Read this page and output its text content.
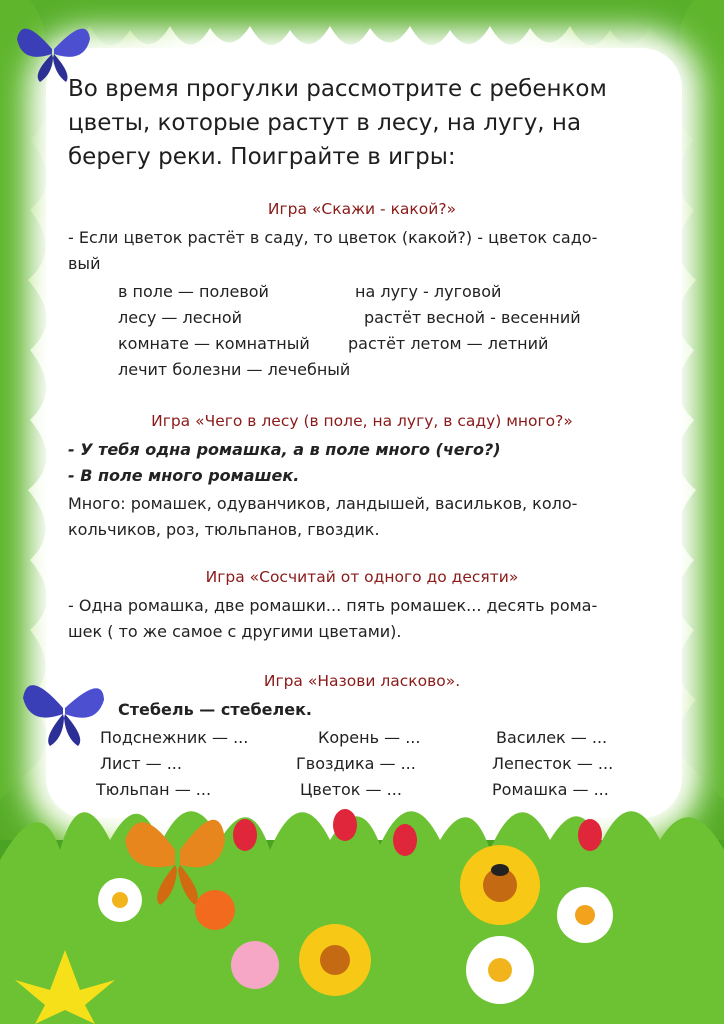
Во время прогулки рассмотрите с ребенком
цветы, которые растут в лесу, на лугу, на
берегу реки. Поиграйте в игры:
Игра «Скажи - какой?»
- Если цветок растёт в саду, то цветок (какой?) - цветок садо-
вый
в поле — полевой	на лугу - луговой
лесу — лесной	растёт весной - весенний
комнате — комнатный растёт летом — летний
лечит болезни — лечебный
Игра «Чего в лесу (в поле, на лугу, в саду) много?»
- У тебя одна ромашка, а в поле много (чего?)
- В поле много ромашек.
Много: ромашек, одуванчиков, ландышей, васильков, коло-
кольчиков, роз, тюльпанов, гвоздик.
Игра «Сосчитай от одного до десяти»
- Одна ромашка, две ромашки... пять ромашек... десять рома-
шек ( то же самое с другими цветами).
Игра «Назови ласково».
Стебель — стебелек.
Подснежник — ...	Корень — ...	Василек — ...
Лист — ...	Гвоздика — ...	Лепесток — ...
Тюльпан — ...	Цветок — ...	Ромашка — ...
